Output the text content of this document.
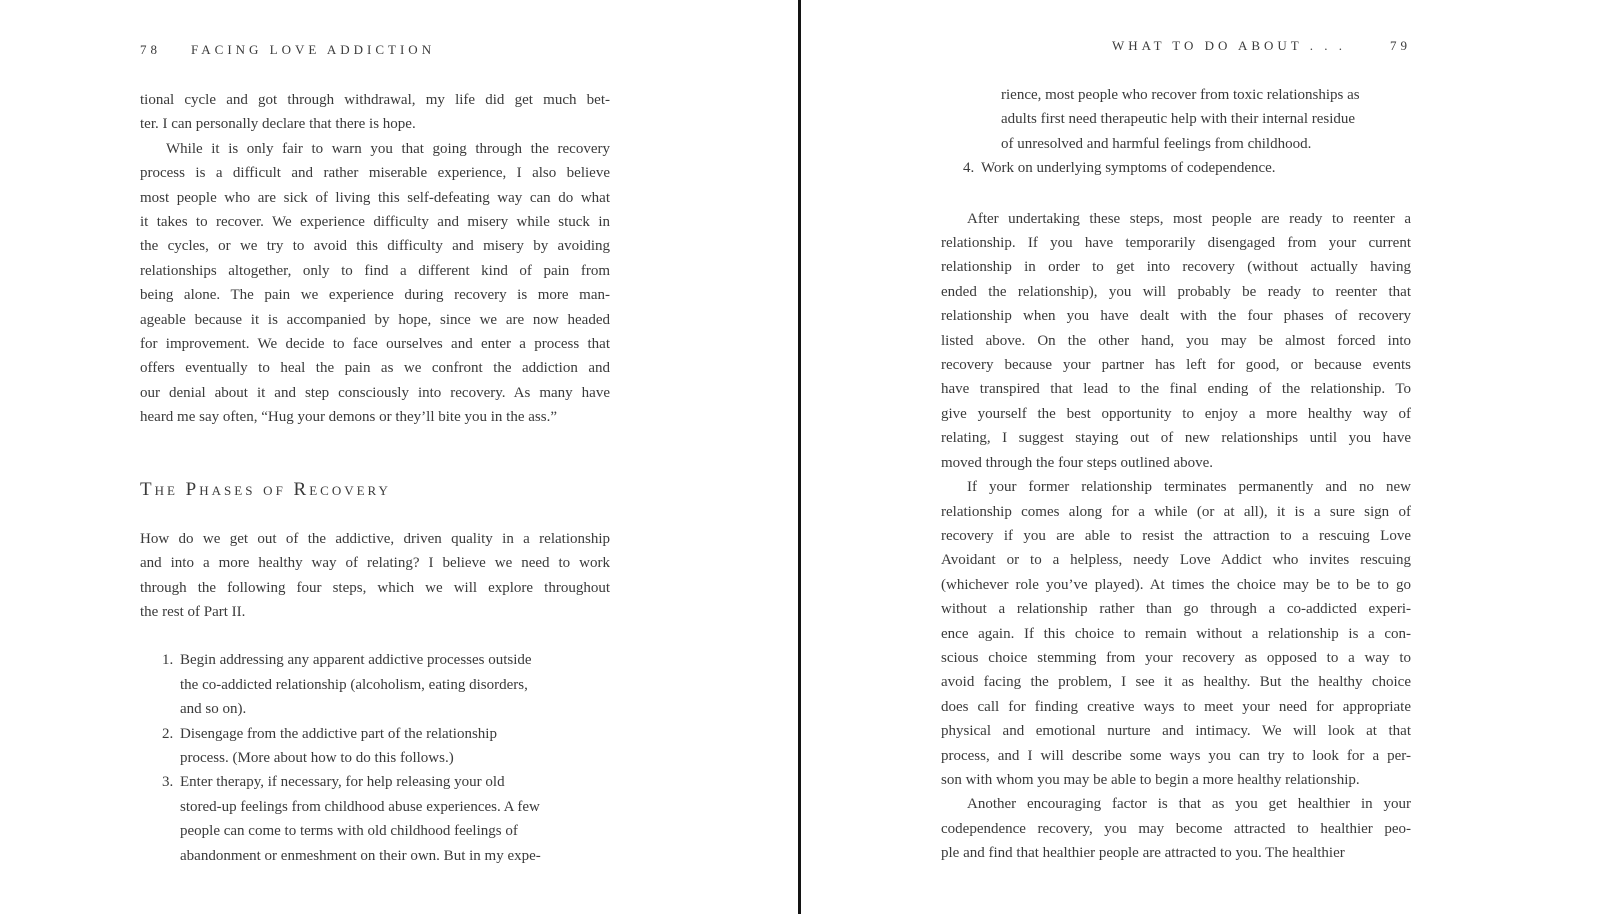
78 FACING LOVE ADDICTION
tional cycle and got through withdrawal, my life did get much bet-
ter. I can personally declare that there is hope.
While it is only fair to warn you that going through the recovery
process is a difficult and rather miserable experience, I also believe
most people who are sick of living this self-defeating way can do what
it takes to recover. We experience difficulty and misery while stuck in
the cycles, or we try to avoid this difficulty and misery by avoiding
relationships altogether, only to find a different kind of pain from
being alone. The pain we experience during recovery is more man-
ageable because it is accompanied by hope, since we are now headed
for improvement. We decide to face ourselves and enter a process that
offers eventually to heal the pain as we confront the addiction and
our denial about it and step consciously into recovery. As many have
heard me say often, “Hug your demons or they’ll bite you in the ass.”
The Phases of Recovery
How do we get out of the addictive, driven quality in a relationship
and into a more healthy way of relating? I believe we need to work
through the following four steps, which we will explore throughout
the rest of Part II.
1. Begin addressing any apparent addictive processes outside
the co-addicted relationship (alcoholism, eating disorders,
and so on).
2. Disengage from the addictive part of the relationship
process. (More about how to do this follows.)
3. Enter therapy, if necessary, for help releasing your old
stored-up feelings from childhood abuse experiences. A few
people can come to terms with old childhood feelings of
abandonment or enmeshment on their own. But in my expe-
WHAT TO DO ABOUT . . .	79
rience, most people who recover from toxic relationships as
adults first need therapeutic help with their internal residue
of unresolved and harmful feelings from childhood.
4. Work on underlying symptoms of codependence.
After undertaking these steps, most people are ready to reenter a
relationship. If you have temporarily disengaged from your current
relationship in order to get into recovery (without actually having
ended the relationship), you will probably be ready to reenter that
relationship when you have dealt with the four phases of recovery
listed above. On the other hand, you may be almost forced into
recovery because your partner has left for good, or because events
have transpired that lead to the final ending of the relationship. To
give yourself the best opportunity to enjoy a more healthy way of
relating, I suggest staying out of new relationships until you have
moved through the four steps outlined above.
If your former relationship terminates permanently and no new
relationship comes along for a while (or at all), it is a sure sign of
recovery if you are able to resist the attraction to a rescuing Love
Avoidant or to a helpless, needy Love Addict who invites rescuing
(whichever role you’ve played). At times the choice may be to be to go
without a relationship rather than go through a co-addicted experi-
ence again. If this choice to remain without a relationship is a con-
scious choice stemming from your recovery as opposed to a way to
avoid facing the problem, I see it as healthy. But the healthy choice
does call for finding creative ways to meet your need for appropriate
physical and emotional nurture and intimacy. We will look at that
process, and I will describe some ways you can try to look for a per-
son with whom you may be able to begin a more healthy relationship.
Another encouraging factor is that as you get healthier in your
codependence recovery, you may become attracted to healthier peo-
ple and find that healthier people are attracted to you. The healthier
